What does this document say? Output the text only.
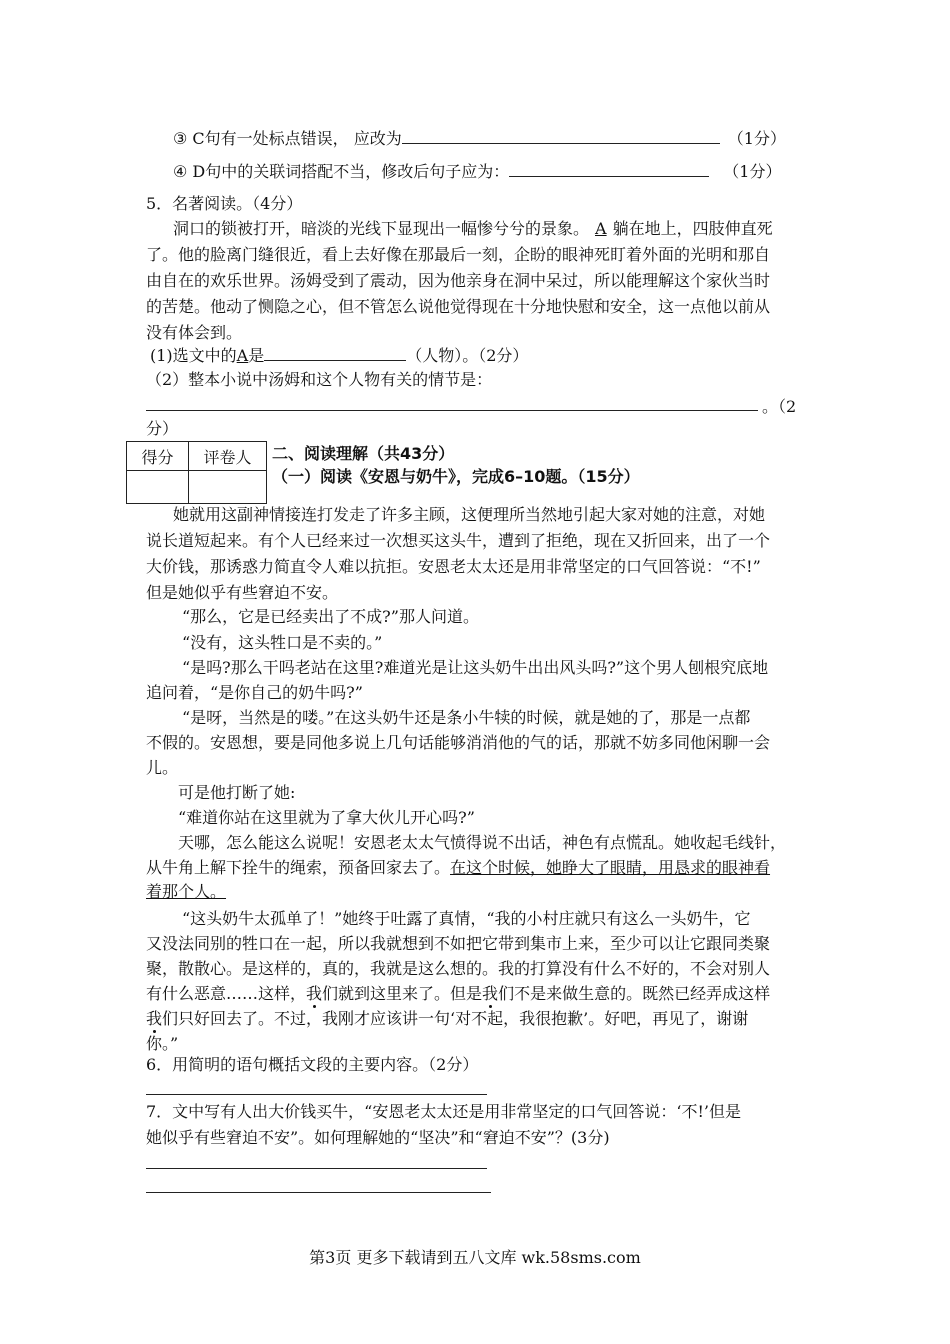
③ C句有一处标点错误， 应改为	（1分）
④ D句中的关联词搭配不当，修改后句子应为：	（1分）
5．名著阅读。（4分）
洞口的锁被打开，暗淡的光线下显现出一幅惨兮兮的景象。 A 躺在地上，四肢伸直死
了。他的脸离门缝很近，看上去好像在那最后一刻，企盼的眼神死盯着外面的光明和那自
由自在的欢乐世界。汤姆受到了震动，因为他亲身在洞中呆过，所以能理解这个家伙当时
的苦楚。他动了恻隐之心，但不管怎么说他觉得现在十分地快慰和安全，这一点他以前从
没有体会到。
(1)选文中的A是	（人物）。（2分）
（2）整本小说中汤姆和这个人物有关的情节是：
。（2
分）
得分	评卷人
	二、阅读理解（共43分）
（一）阅读《安恩与奶牛》，完成6–10题。（15分）
她就用这副神情接连打发走了许多主顾，这便理所当然地引起大家对她的注意，对她
说长道短起来。有个人已经来过一次想买这头牛，遭到了拒绝，现在又折回来，出了一个
大价钱，那诱惑力简直令人难以抗拒。安恩老太太还是用非常坚定的口气回答说：“不!”
但是她似乎有些窘迫不安。
“那么，它是已经卖出了不成?”那人问道。
“没有，这头牲口是不卖的。”
“是吗?那么干吗老站在这里?难道光是让这头奶牛出出风头吗?”这个男人刨根究底地
追问着，“是你自己的奶牛吗?”
“是呀，当然是的喽。”在这头奶牛还是条小牛犊的时候，就是她的了，那是一点都
不假的。安恩想，要是同他多说上几句话能够消消他的气的话，那就不妨多同他闲聊一会
儿。
可是他打断了她:
“难道你站在这里就为了拿大伙儿开心吗?”
天哪，怎么能这么说呢！安恩老太太气愤得说不出话，神色有点慌乱。她收起毛线针，
从牛角上解下拴牛的绳索，预备回家去了。在这个时候，她睁大了眼睛，用恳求的眼神看
着那个人。
“这头奶牛太孤单了！”她终于吐露了真情，“我的小村庄就只有这么一头奶牛，它
又没法同别的牲口在一起，所以我就想到不如把它带到集市上来，至少可以让它跟同类聚
聚，散散心。是这样的，真的，我就是这么想的。我的打算没有什么不好的，不会对别人
有什么恶意……这样，我们就到这里来了。但是我们不是来做生意的。既然已经弄成这样
我们只好回去了。不过，我刚才应该讲一句‘对不起，我很抱歉’。好吧，再见了，谢谢
你。”
6．用简明的语句概括文段的主要内容。（2分）
7．文中写有人出大价钱买牛，“安恩老太太还是用非常坚定的口气回答说：‘不!’但是
她似乎有些窘迫不安”。如何理解她的“坚决”和“窘迫不安”？(3分)
第3页 更多下载请到五八文库 wk.58sms.com
